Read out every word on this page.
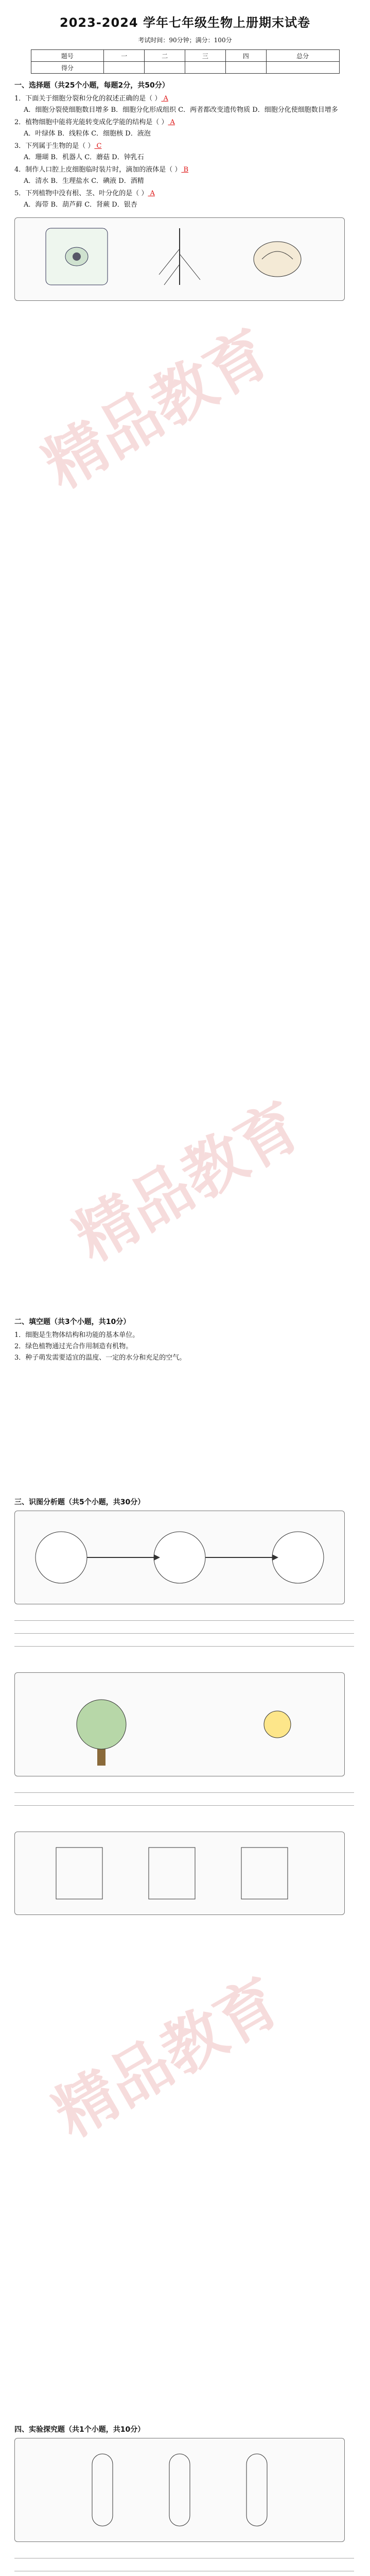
精品教育
精品教育
精品教育
2023-2024 学年七年级生物上册期末试卷
考试时间：90分钟；满分：100分
题号	一	二	三	四	总分
得分					
一、选择题（共25个小题，每题2分，共50分）
1．下面关于细胞分裂和分化的叙述正确的是（ ） A
A．细胞分裂使细胞数目增多 B．细胞分化形成组织 C．两者都改变遗传物质 D．细胞分化使细胞数目增多
2．植物细胞中能将光能转变成化学能的结构是（ ） A
A．叶绿体 B．线粒体 C．细胞核 D．液泡
3．下列属于生物的是（ ） C
A．珊瑚 B．机器人 C．蘑菇 D．钟乳石
4．制作人口腔上皮细胞临时装片时，滴加的液体是（ ） B
A．清水 B．生理盐水 C．碘液 D．酒精
5．下列植物中没有根、茎、叶分化的是（ ） A
A．海带 B．葫芦藓 C．肾蕨 D．银杏
二、填空题（共3个小题，共10分）
1．细胞是生物体结构和功能的基本单位。
2．绿色植物通过光合作用制造有机物。
3．种子萌发需要适宜的温度、一定的水分和充足的空气。
三、识图分析题（共5个小题，共30分）
四、实验探究题（共1个小题，共10分）
